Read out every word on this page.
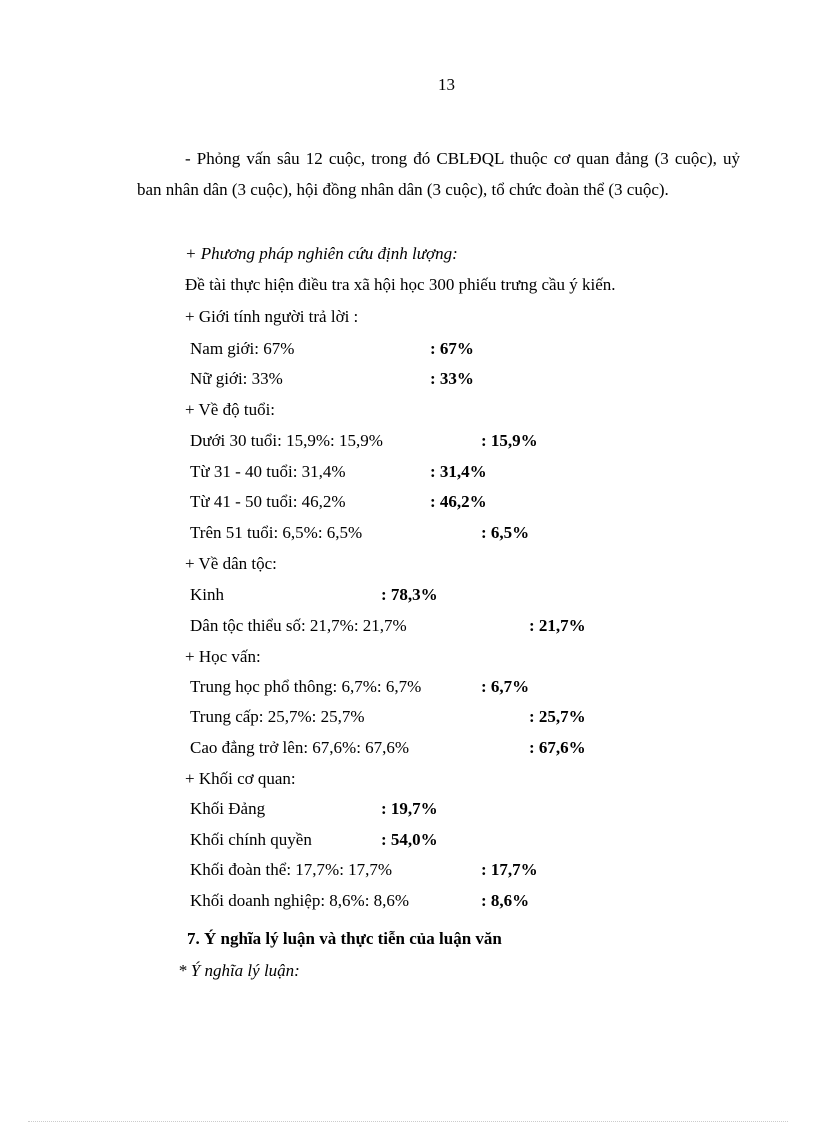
13
- Phỏng vấn sâu 12 cuộc, trong đó CBLĐQL thuộc cơ quan đảng (3 cuộc), uỷ ban nhân dân (3 cuộc), hội đồng nhân dân (3 cuộc), tổ chức đoàn thể (3 cuộc).
+ Phương pháp nghiên cứu định lượng:
Đề tài thực hiện điều tra xã hội học 300 phiếu trưng cầu ý kiến.
+ Giới tính người trả lời :
Nam giới: 67%	: 67%
Nữ giới: 33%	: 33%
+ Về độ tuổi:
Dưới 30 tuổi: 15,9%: 15,9%	: 15,9%
Từ 31 - 40 tuổi: 31,4%	: 31,4%
Từ 41 - 50 tuổi: 46,2%	: 46,2%
Trên 51 tuổi: 6,5%: 6,5%	: 6,5%
+ Về dân tộc:
Kinh	: 78,3%
Dân tộc thiểu số: 21,7%: 21,7%	: 21,7%
+ Học vấn:
Trung học phổ thông: 6,7%: 6,7%	: 6,7%
Trung cấp: 25,7%: 25,7%	: 25,7%
Cao đẳng trở lên: 67,6%: 67,6%	: 67,6%
+ Khối cơ quan:
Khối Đảng	: 19,7%
Khối chính quyền	: 54,0%
Khối đoàn thể: 17,7%: 17,7%	: 17,7%
Khối doanh nghiệp: 8,6%: 8,6%	: 8,6%
7. Ý nghĩa lý luận và thực tiễn của luận văn
* Ý nghĩa lý luận:
